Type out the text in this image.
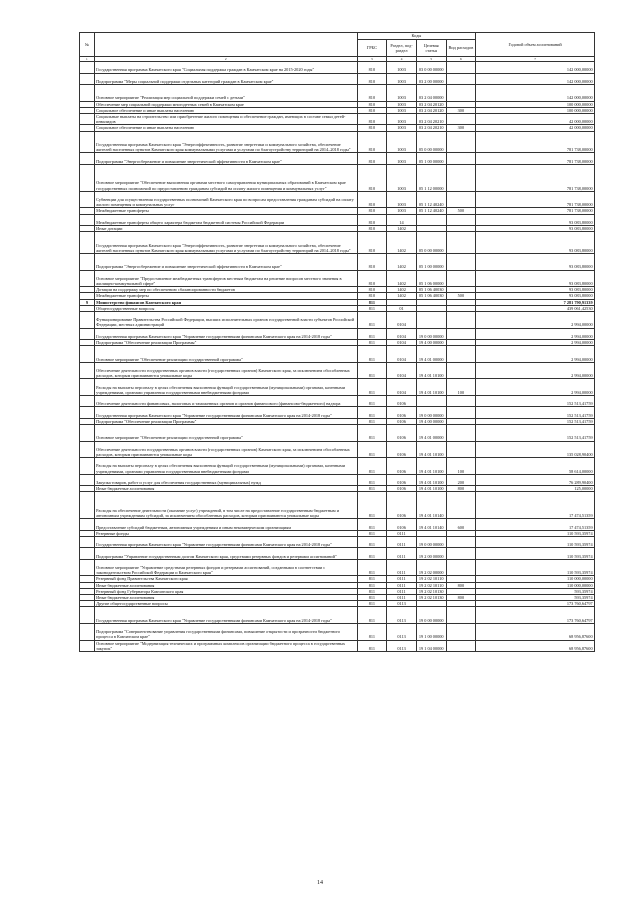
№		Коды				Годовой объем ассигнований
		ГРБС	Раздел, под-раздел	Целевая статья	Вид расходов	
1	2	3	4	5	6	7
	Государственная программа Камчатского края "Социальная поддержка граждан в Камчатском крае на 2015-2020 годы"	810	1003	03 0 00 00000		142 000,00000
	Подпрограмма "Меры социальной поддержки отдельных категорий граждан в Камчатском крае"	810	1003	03 2 00 00000		142 000,00000
	Основное мероприятие "Реализация мер социальной поддержки семей с детьми"	810	1003	03 2 04 00000		142 000,00000
	Обеспечение мер социальной поддержки многодетных семей в Камчатском крае	810	1003	03 2 04 20120		100 000,00000
	Социальное обеспечение и иные выплаты населению	810	1003	03 2 04 20120	300	100 000,00000
	Социальные выплаты на строительство или приобретение жилого помещения и обеспечение граждан, имеющих в составе семьи детей-инвалидов	810	1003	03 2 04 20210		42 000,00000
	Социальное обеспечение и иные выплаты населению	810	1003	03 2 04 20210	300	42 000,00000
	Государственная программа Камчатского края "Энергоэффективность, развитие энергетики и коммунального хозяйства, обеспечение жителей населенных пунктов Камчатского края коммунальными услугами и услугами по благоустройству территорий на 2014–2018 годы"	810	1003	05 0 00 00000		781 738,00000
	Подпрограмма "Энергосбережение и повышение энергетической эффективности в Камчатском крае"	810	1003	05 1 00 00000		781 738,00000
	Основное мероприятие "Обеспечение выполнения органами местного самоуправления муниципальных образований в Камчатском крае государственных полномочий по предоставлению гражданам субсидий на оплату жилого помещения и коммунальных услуг"	810	1003	05 1 12 00000		781 738,00000
	Субвенции для осуществления государственных полномочий Камчатского края по вопросам предоставления гражданам субсидий на оплату жилого помещения и коммунальных услуг	810	1003	05 1 12 40240		781 738,00000
	Межбюджетные трансферты	810	1003	05 1 12 40240	500	781 738,00000
	Межбюджетные трансферты общего характера бюджетам бюджетной системы Российской Федерации	810	14			93 083,80000
	Иные дотации	810	1402			93 083,80000
	Государственная программа Камчатского края "Энергоэффективность, развитие энергетики и коммунального хозяйства, обеспечение жителей населенных пунктов Камчатского края коммунальными услугами и услугами по благоустройству территорий на 2014–2018 годы"	810	1402	05 0 00 00000		93 083,80000
	Подпрограмма "Энергосбережение и повышение энергетической эффективности в Камчатском крае"	810	1402	05 1 00 00000		93 083,80000
	Основное мероприятие "Предоставление межбюджетных трансфертов местным бюджетам на решение вопросов местного значения в жилищно-коммунальной сфере"	810	1402	05 1 06 00000		93 083,80000
	Дотации на поддержку мер по обеспечению сбалансированности бюджетов	810	1402	05 1 06 40030		93 083,80000
	Межбюджетные трансферты	810	1402	05 1 06 40030	500	93 083,80000
9	Министерство финансов Камчатского края	811				7 281 790,91339
	Общегосударственные вопросы	811	01			439 061,42530
	Функционирование Правительства Российской Федерации, высших исполнительных органов государственной власти субъектов Российской Федерации, местных администраций	811	0104			2 994,00000
	Государственная программа Камчатского края "Управление государственными финансами Камчатского края на 2014-2018 годы"	811	0104	19 0 00 00000		2 994,00000
	Подпрограмма "Обеспечение реализации Программы"	811	0104	19 4 00 00000		2 994,00000
	Основное мероприятие "Обеспечение реализации государственной программы"	811	0104	19 4 01 00000		2 994,00000
	Обеспечение деятельности государственных органов власти (государственных органов) Камчатского края, за исключением обособленных расходов, которым присваиваются уникальные коды	811	0104	19 4 01 10100		2 994,00000
	Расходы на выплаты персоналу в целях обеспечения выполнения функций государственными (муниципальными) органами, казенными учреждениями, органами управления государственными внебюджетными фондами	811	0104	19 4 01 10100	100	2 994,00000
	Обеспечение деятельности финансовых, налоговых и таможенных органов и органов финансового (финансово-бюджетного) надзора	811	0106			152 513,41759
	Государственная программа Камчатского края "Управление государственными финансами Камчатского края на 2014-2018 годы"	811	0106	19 0 00 00000		152 513,41759
	Подпрограмма "Обеспечение реализации Программы"	811	0106	19 4 00 00000		152 513,41759
	Основное мероприятие "Обеспечение реализации государственной программы"	811	0106	19 4 01 00000		152 513,41759
	Обеспечение деятельности государственных органов власти (государственных органов) Камчатского края, за исключением обособленных расходов, которым присваиваются уникальные коды	811	0106	19 4 01 10100		135 028,90400
	Расходы на выплаты персоналу в целях обеспечения выполнения функций государственными (муниципальными) органами, казенными учреждениями, органами управления государственными внебюджетными фондами	811	0106	19 4 01 10100	100	58 614,00000
	Закупка товаров, работ и услуг для обеспечения государственных (муниципальных) нужд	811	0106	19 4 01 10100	200	76 289,90400
	Иные бюджетные ассигнования	811	0106	19 4 01 10100	800	125,00000
	Расходы на обеспечение деятельности (оказание услуг) учреждений, в том числе на предоставление государственным бюджетным и автономным учреждениям субсидий, за исключением обособленных расходов, которым присваиваются уникальные коды	811	0106	19 4 01 10140		17 474,51359
	Предоставление субсидий бюджетным, автономным учреждениям и иным некоммерческим организациям	811	0106	19 4 01 10140	600	17 474,51359
	Резервные фонды	811	0111			110 593,35974
	Государственная программа Камчатского края "Управление государственными финансами Камчатского края на 2014-2018 годы"	811	0111	19 0 00 00000		110 593,35974
	Подпрограмма "Управление государственным долгом Камчатского края, средствами резервных фондов и резервами ассигнований"	811	0111	19 2 00 00000		110 593,35974
	Основное мероприятие "Управление средствами резервных фондов и резервами ассигнований, созданными в соответствии с законодательством Российской Федерации и Камчатского края"	811	0111	19 2 02 00000		110 593,35974
	Резервный фонд Правительства Камчатского края	811	0111	19 2 02 10110		110 000,00000
	Иные бюджетные ассигнования	811	0111	19 2 02 10110	800	110 000,00000
	Резервный фонд Губернатора Камчатского края	811	0111	19 2 02 10130		593,35974
	Иные бюджетные ассигнования	811	0111	19 2 02 10130	800	593,35974
	Другие общегосударственные вопросы	811	0113			173 760,64797
	Государственная программа Камчатского края "Управление государственными финансами Камчатского края на 2014-2018 годы"	811	0113	19 0 00 00000		173 760,64797
	Подпрограмма "Совершенствование управления государственными финансами, повышение открытости и прозрачности бюджетного процесса в Камчатском крае"	811	0113	19 1 00 00000		68 956,87600
	Основное мероприятие "Модернизация технических и программных комплексов организации бюджетного процесса в государственных закупок"	811	0113	19 1 04 00000		68 956,87600
14
